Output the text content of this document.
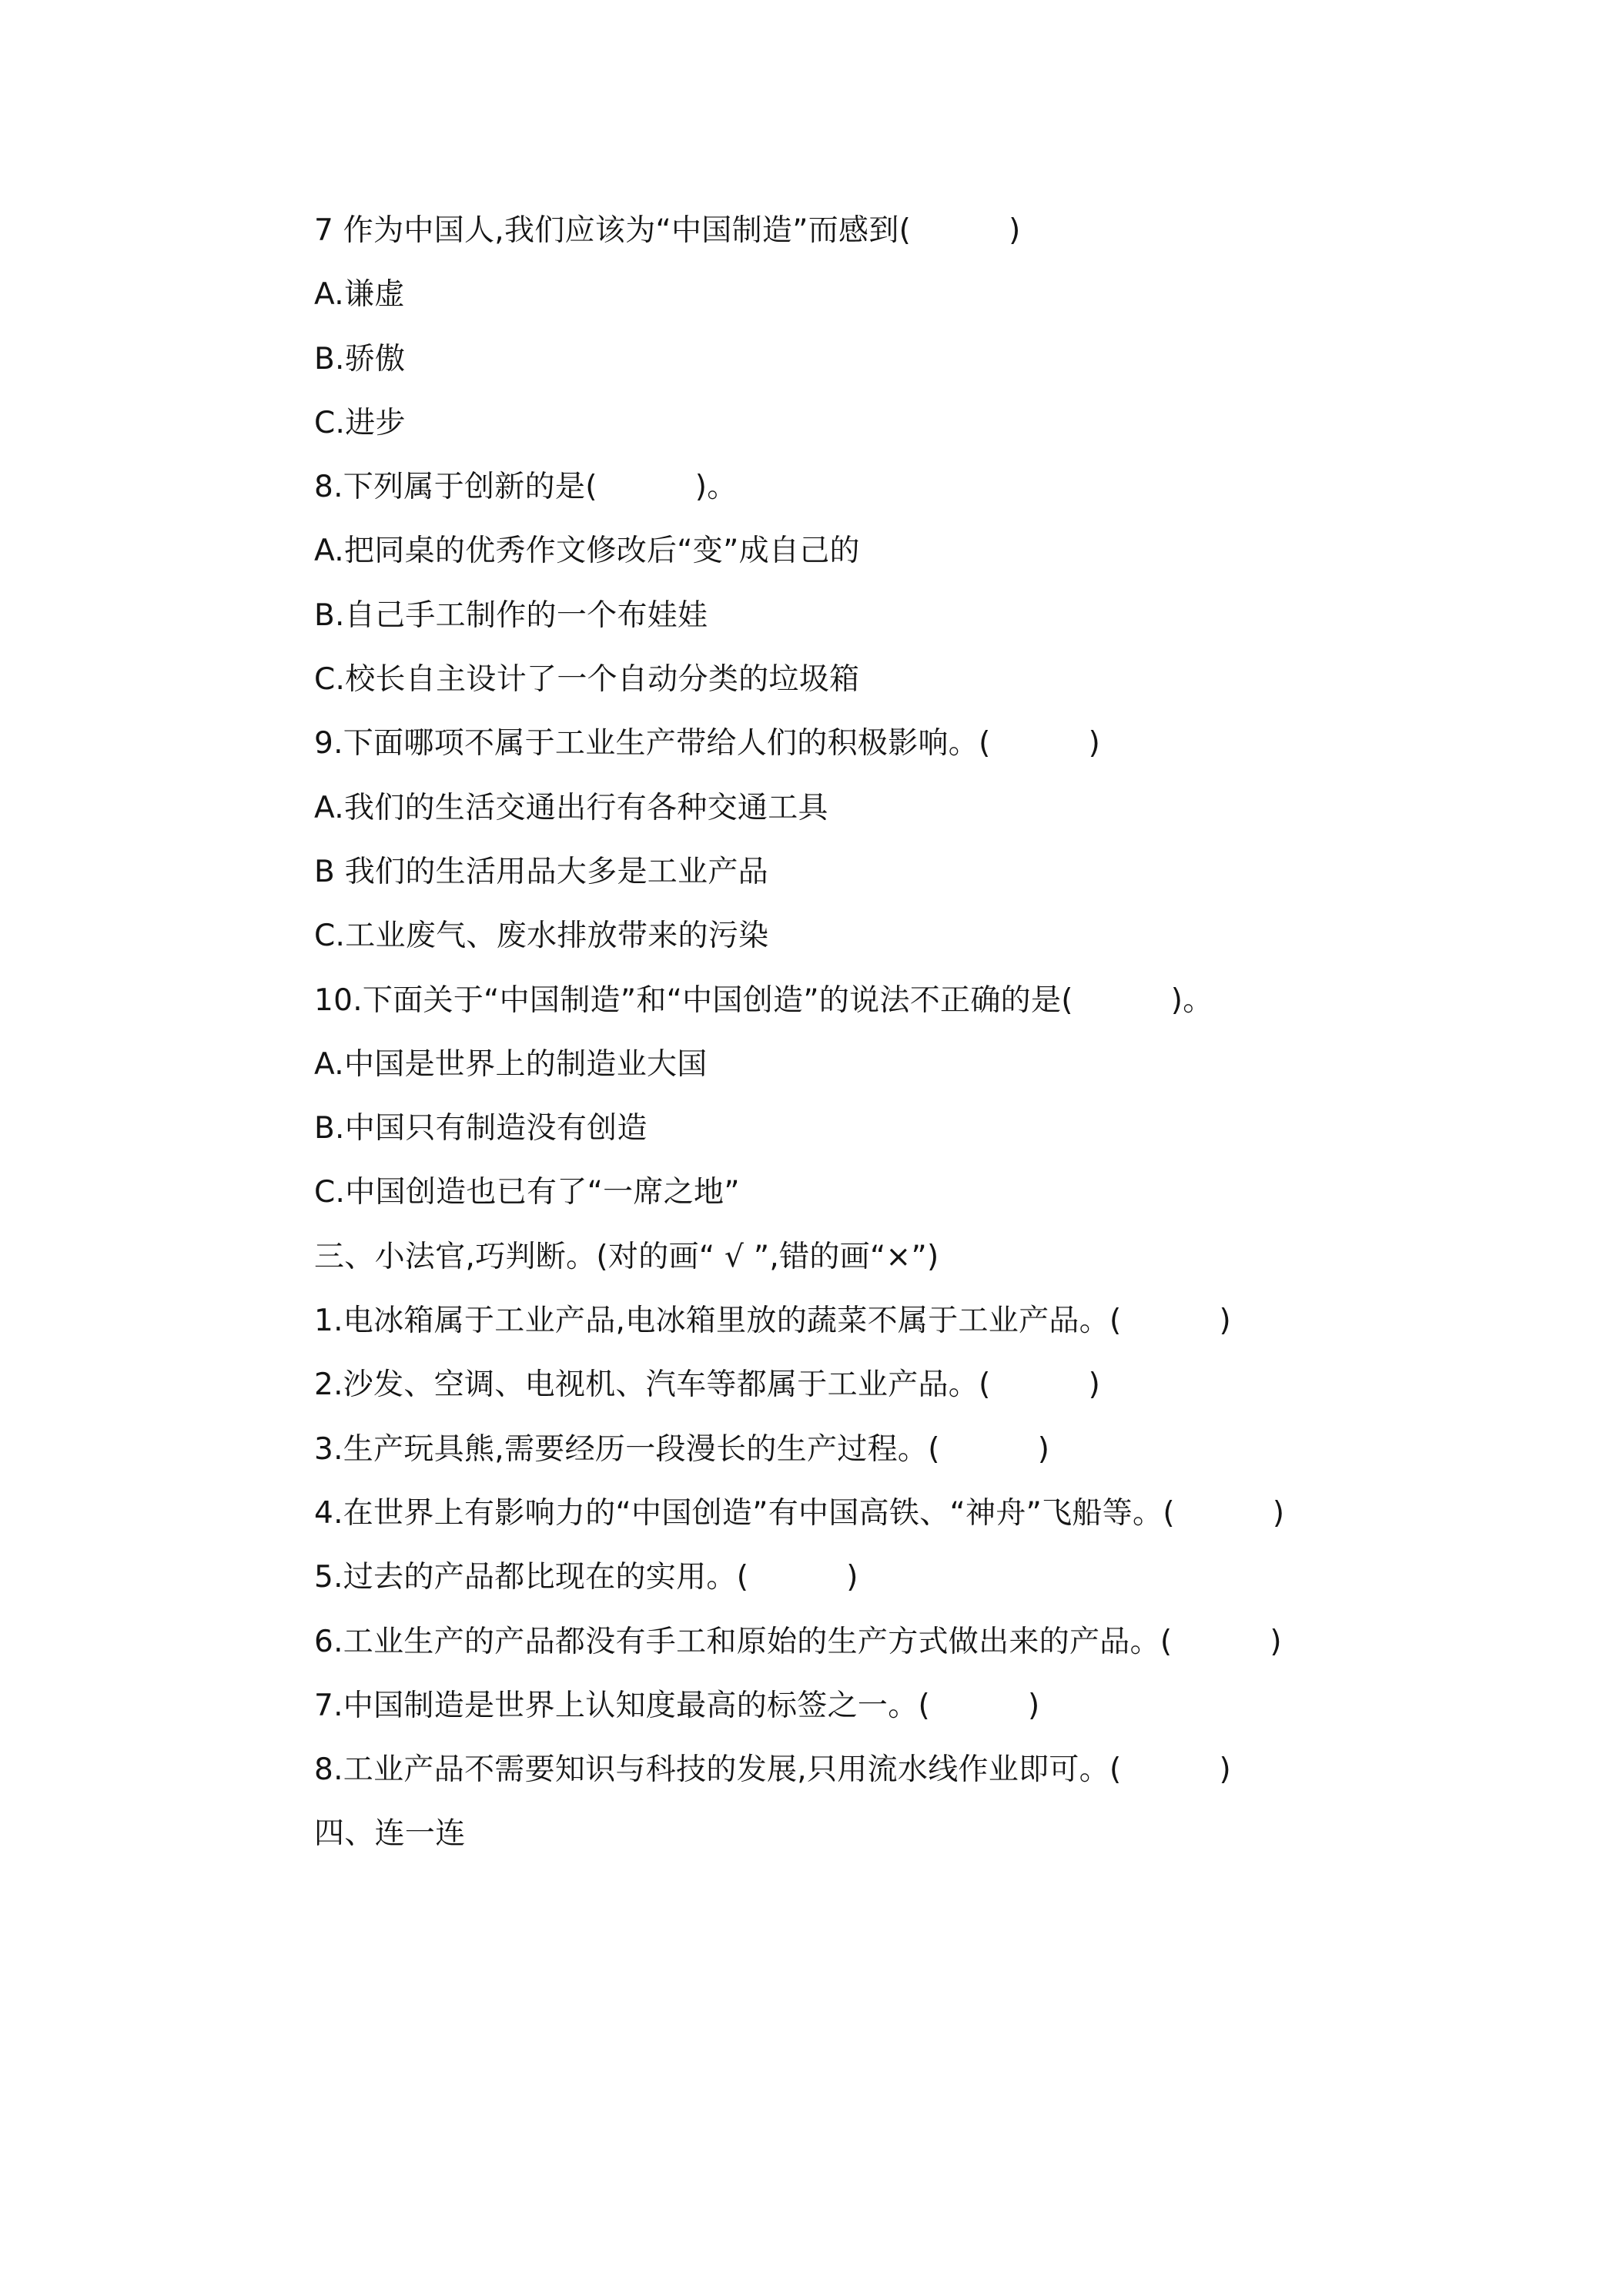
7 作为中国人,我们应该为“中国制造”而感到(          )
A.谦虚
B.骄傲
C.进步
8.下列属于创新的是(          )。
A.把同桌的优秀作文修改后“变”成自己的
B.自己手工制作的一个布娃娃
C.校长自主设计了一个自动分类的垃圾箱
9.下面哪项不属于工业生产带给人们的积极影响。(          )
A.我们的生活交通出行有各种交通工具
B 我们的生活用品大多是工业产品
C.工业废气、废水排放带来的污染
10.下面关于“中国制造”和“中国创造”的说法不正确的是(          )。
A.中国是世界上的制造业大国
B.中国只有制造没有创造
C.中国创造也已有了“一席之地”
三、小法官,巧判断。(对的画“ √ ”,错的画“×”)
1.电冰箱属于工业产品,电冰箱里放的蔬菜不属于工业产品。(          )
2.沙发、空调、电视机、汽车等都属于工业产品。(          )
3.生产玩具熊,需要经历一段漫长的生产过程。(          )
4.在世界上有影响力的“中国创造”有中国高铁、“神舟”飞船等。(          )
5.过去的产品都比现在的实用。(          )
6.工业生产的产品都没有手工和原始的生产方式做出来的产品。(          )
7.中国制造是世界上认知度最高的标签之一。(          )
8.工业产品不需要知识与科技的发展,只用流水线作业即可。(          )
四、连一连
